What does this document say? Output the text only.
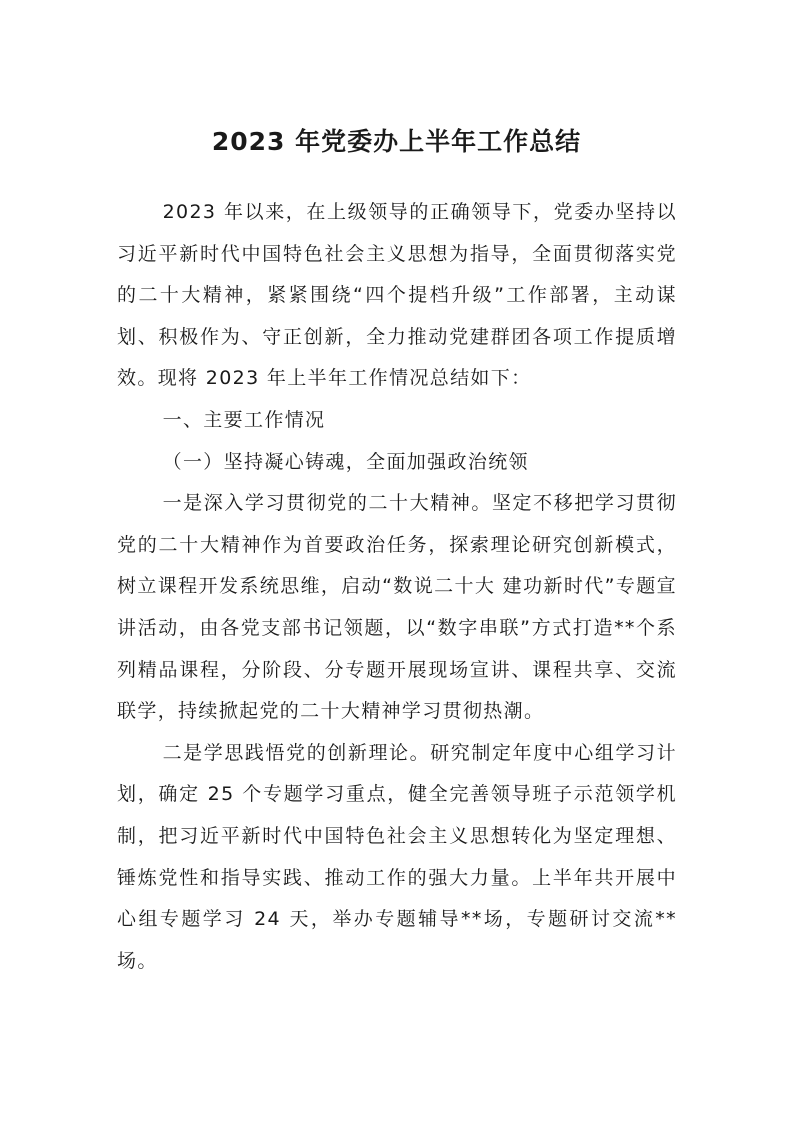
2023 年党委办上半年工作总结

2023 年以来，在上级领导的正确领导下，党委办坚持以习近平新时代中国特色社会主义思想为指导，全面贯彻落实党的二十大精神，紧紧围绕“四个提档升级”工作部署，主动谋划、积极作为、守正创新，全力推动党建群团各项工作提质增效。现将 2023 年上半年工作情况总结如下：

一、主要工作情况

（一）坚持凝心铸魂，全面加强政治统领

一是深入学习贯彻党的二十大精神。坚定不移把学习贯彻党的二十大精神作为首要政治任务，探索理论研究创新模式，树立课程开发系统思维，启动“数说二十大 建功新时代”专题宣讲活动，由各党支部书记领题，以“数字串联”方式打造**个系列精品课程，分阶段、分专题开展现场宣讲、课程共享、交流联学，持续掀起党的二十大精神学习贯彻热潮。

二是学思践悟党的创新理论。研究制定年度中心组学习计划，确定 25 个专题学习重点，健全完善领导班子示范领学机制，把习近平新时代中国特色社会主义思想转化为坚定理想、锤炼党性和指导实践、推动工作的强大力量。上半年共开展中心组专题学习 24 天，举办专题辅导**场，专题研讨交流**场。
